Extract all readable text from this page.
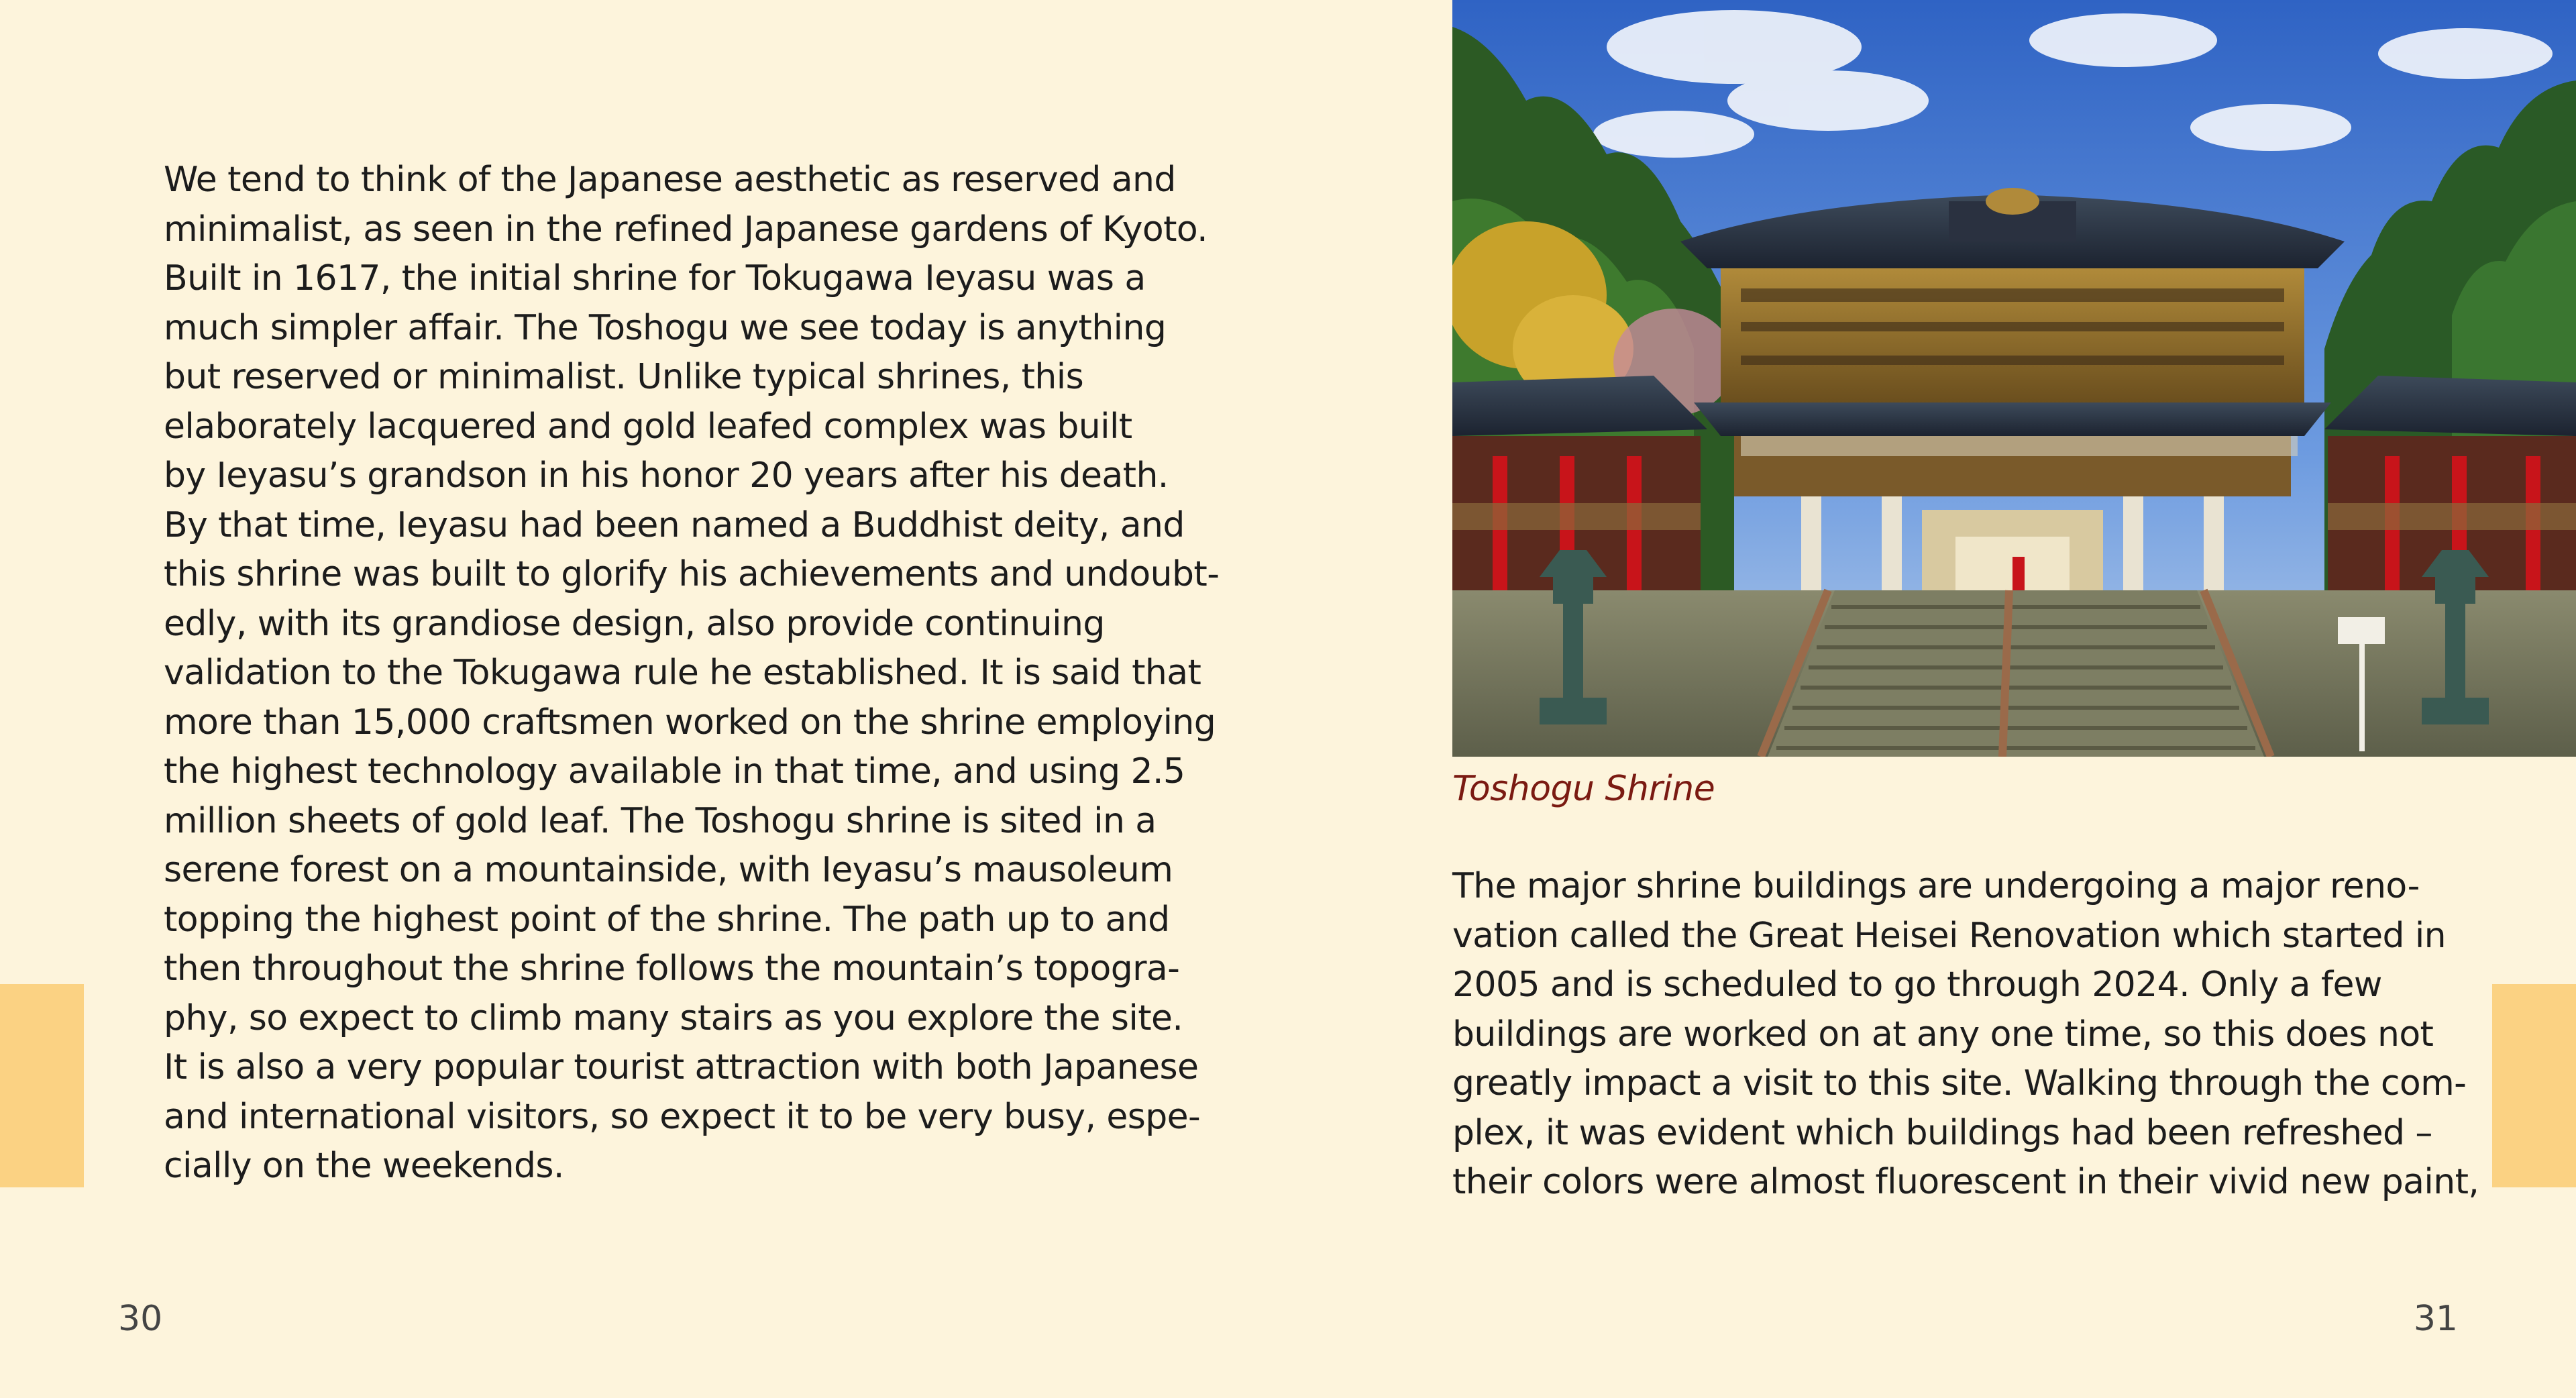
We tend to think of the Japanese aesthetic as reserved and
minimalist, as seen in the refined Japanese gardens of Kyoto.
Built in 1617, the initial shrine for Tokugawa Ieyasu was a
much simpler affair. The Toshogu we see today is anything
but reserved or minimalist. Unlike typical shrines, this
elaborately lacquered and gold leafed complex was built
by Ieyasu’s grandson in his honor 20 years after his death.
By that time, Ieyasu had been named a Buddhist deity, and
this shrine was built to glorify his achievements and undoubt-
edly, with its grandiose design, also provide continuing
validation to the Tokugawa rule he established. It is said that
more than 15,000 craftsmen worked on the shrine employing
the highest technology available in that time, and using 2.5
million sheets of gold leaf. The Toshogu shrine is sited in a
serene forest on a mountainside, with Ieyasu’s mausoleum
topping the highest point of the shrine. The path up to and
then throughout the shrine follows the mountain’s topogra-
phy, so expect to climb many stairs as you explore the site.
It is also a very popular tourist attraction with both Japanese
and international visitors, so expect it to be very busy, espe-
cially on the weekends.
30
Toshogu Shrine
The major shrine buildings are undergoing a major reno-
vation called the Great Heisei Renovation which started in
2005 and is scheduled to go through 2024. Only a few
buildings are worked on at any one time, so this does not
greatly impact a visit to this site. Walking through the com-
plex, it was evident which buildings had been refreshed –
their colors were almost fluorescent in their vivid new paint,
31
